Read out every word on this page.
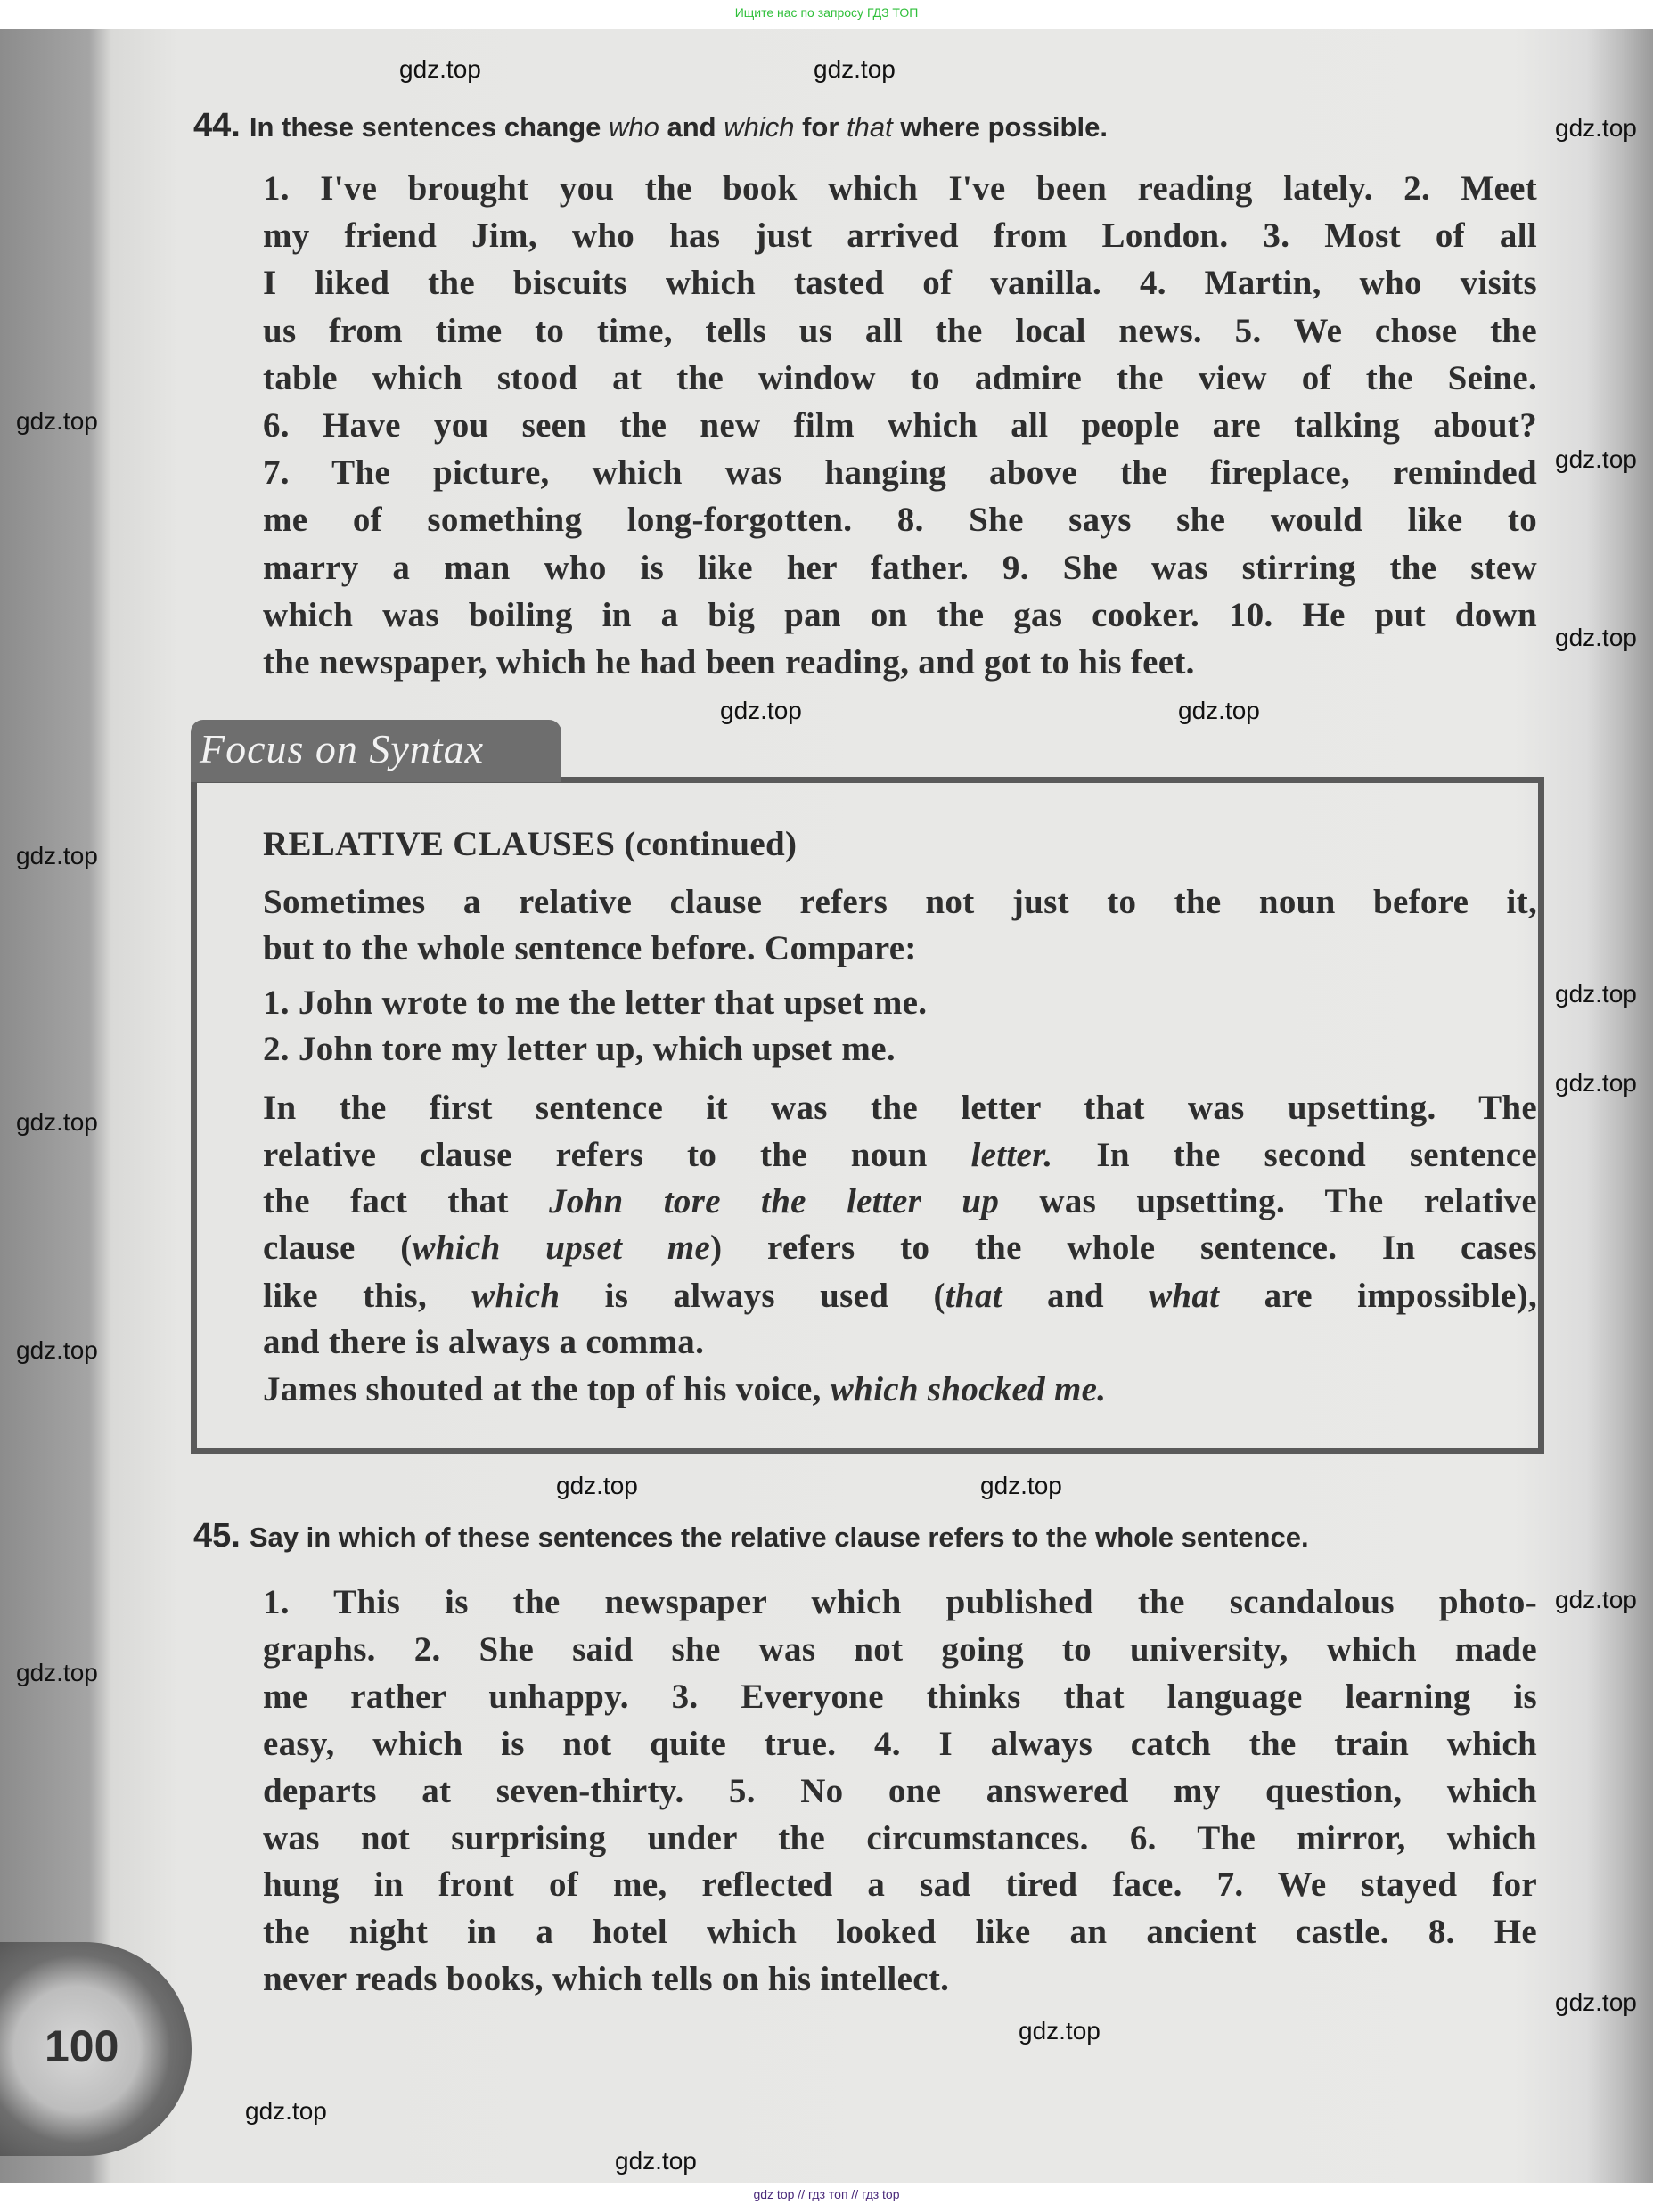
Ищите нас по запросу ГДЗ ТОП
1. I've brought you the book which I've been reading lately. 2. Meet
my friend Jim, who has just arrived from London. 3. Most of all
I liked the biscuits which tasted of vanilla. 4. Martin, who visits
us from time to time, tells us all the local news. 5. We chose the
table which stood at the window to admire the view of the Seine.
6. Have you seen the new film which all people are talking about?
7. The picture, which was hanging above the fireplace, reminded
me of something long-forgotten. 8. She says she would like to
marry a man who is like her father. 9. She was stirring the stew
which was boiling in a big pan on the gas cooker. 10. He put down
the newspaper, which he had been reading, and got to his feet.
RELATIVE CLAUSES (continued)
Sometimes a relative clause refers not just to the noun before it,
but to the whole sentence before. Compare:
1. John wrote to me the letter that upset me.
2. John tore my letter up, which upset me.
In the first sentence it was the letter that was upsetting. The
relative clause refers to the noun letter. In the second sentence
the fact that John tore the letter up was upsetting. The relative
clause (which upset me) refers to the whole sentence. In cases
like this, which is always used (that and what are impossible),
and there is always a comma.
James shouted at the top of his voice, which shocked me.
1. This is the newspaper which published the scandalous photo-
graphs. 2. She said she was not going to university, which made
me rather unhappy. 3. Everyone thinks that language learning is
easy, which is not quite true. 4. I always catch the train which
departs at seven-thirty. 5. No one answered my question, which
was not surprising under the circumstances. 6. The mirror, which
hung in front of me, reflected a sad tired face. 7. We stayed for
the night in a hotel which looked like an ancient castle. 8. He
never reads books, which tells on his intellect.
Focus on Syntax
100
gdz.top
gdz.top
gdz.top
gdz.top
gdz.top
gdz.top
gdz.top
gdz.top
gdz.top
gdz.top
gdz.top
gdz.top
gdz.top
gdz.top
gdz.top	gdz.top
gdz.top	gdz.top
gdz.top
gdz.top
gdz.top
gdz top // гдз топ // гдз top
44. In these sentences change who and which for that where possible.
45. Say in which of these sentences the relative clause refers to the whole sentence.
